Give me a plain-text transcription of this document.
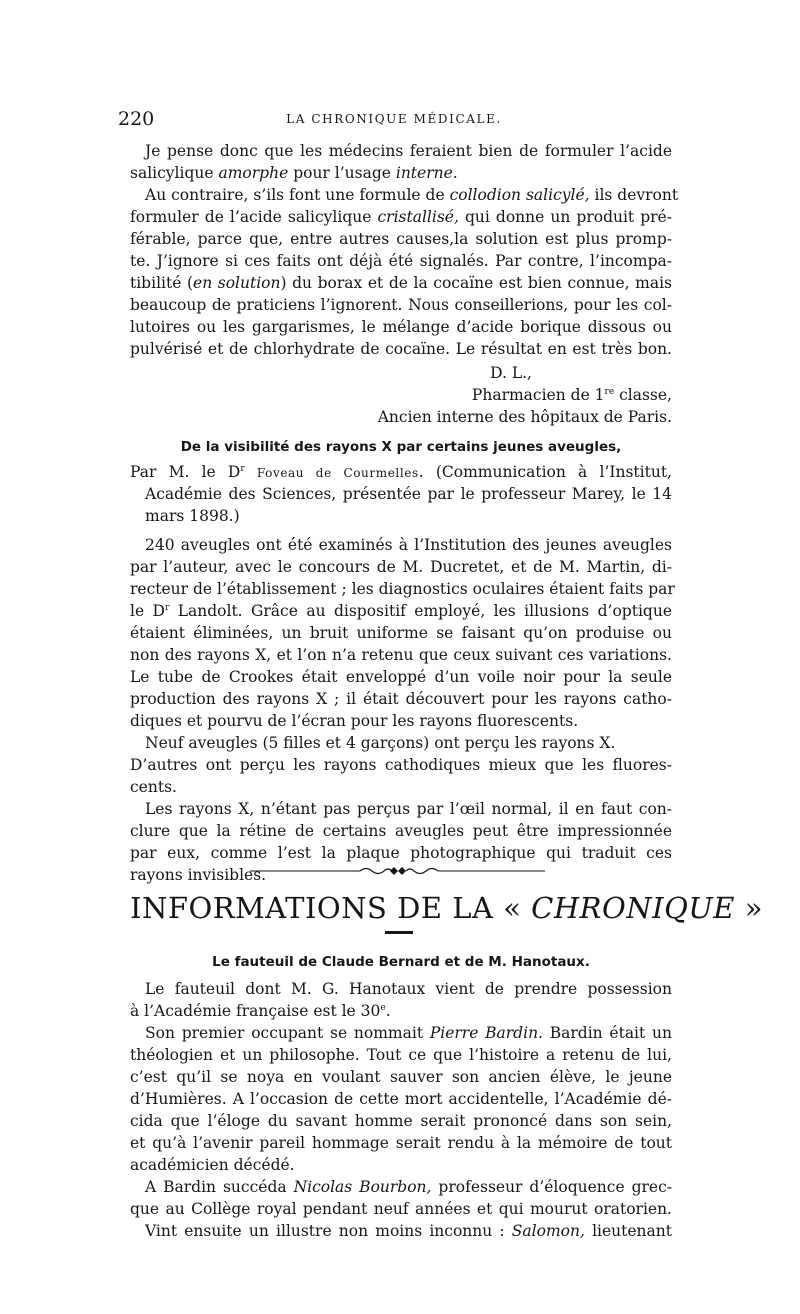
220	LA CHRONIQUE MÉDICALE.
Je pense donc que les médecins feraient bien de formuler l’acide
salicylique amorphe pour l’usage interne.
Au contraire, s’ils font une formule de collodion salicylé, ils devront
formuler de l’acide salicylique cristallisé, qui donne un produit pré-
férable, parce que, entre autres causes,la solution est plus promp-
te. J’ignore si ces faits ont déjà été signalés. Par contre, l’incompa-
tibilité (en solution) du borax et de la cocaïne est bien connue, mais
beaucoup de praticiens l’ignorent. Nous conseillerions, pour les col-
lutoires ou les gargarismes, le mélange d’acide borique dissous ou
pulvérisé et de chlorhydrate de cocaïne. Le résultat en est très bon.
D. L.,
Pharmacien de 1re classe,
Ancien interne des hôpitaux de Paris.
De la visibilité des rayons X par certains jeunes aveugles,
Par M. le $D^r$ Foveau de Courmelles. (Communication à l’Institut,
Académie des Sciences, présentée par le professeur Marey, le 14
mars 1898.)
240 aveugles ont été examinés à l’Institution des jeunes aveugles
par l’auteur, avec le concours de M. Ducretet, et de M. Martin, di-
recteur de l’établissement ; les diagnostics oculaires étaient faits par
le $D^r$ Landolt. Grâce au dispositif employé, les illusions d’optique
étaient éliminées, un bruit uniforme se faisant qu’on produise ou
non des rayons X, et l’on n’a retenu que ceux suivant ces variations.
Le tube de Crookes était enveloppé d’un voile noir pour la seule
production des rayons X ; il était découvert pour les rayons catho-
INFORMATIONS DE LA « CHRONIQUE »
Le fauteuil de Claude Bernard et de M. Hanotaux.
Le fauteuil dont M. G. Hanotaux vient de prendre possession
à l’Académie française est le 30e.
Son premier occupant se nommait Pierre Bardin. Bardin était un
théologien et un philosophe. Tout ce que l’histoire a retenu de lui,
c’est qu’il se noya en voulant sauver son ancien élève, le jeune
d’Humières. A l’occasion de cette mort accidentelle, l’Académie dé-
cida que l’éloge du savant homme serait prononcé dans son sein,
et qu’à l’avenir pareil hommage serait rendu à la mémoire de tout
académicien décédé.
A Bardin succéda Nicolas Bourbon, professeur d’éloquence grec-
que au Collège royal pendant neuf années et qui mourut oratorien.
Vint ensuite un illustre non moins inconnu : Salomon, lieutenant
diques et pourvu de l’écran pour les rayons fluorescents.
Neuf aveugles (5 filles et 4 garçons) ont perçu les rayons X.
D’autres ont perçu les rayons cathodiques mieux que les fluores-
cents.
Les rayons X, n’étant pas perçus par l’œil normal, il en faut con-
clure que la rétine de certains aveugles peut être impressionnée
par eux, comme l’est la plaque photographique qui traduit ces
rayons invisibles.
